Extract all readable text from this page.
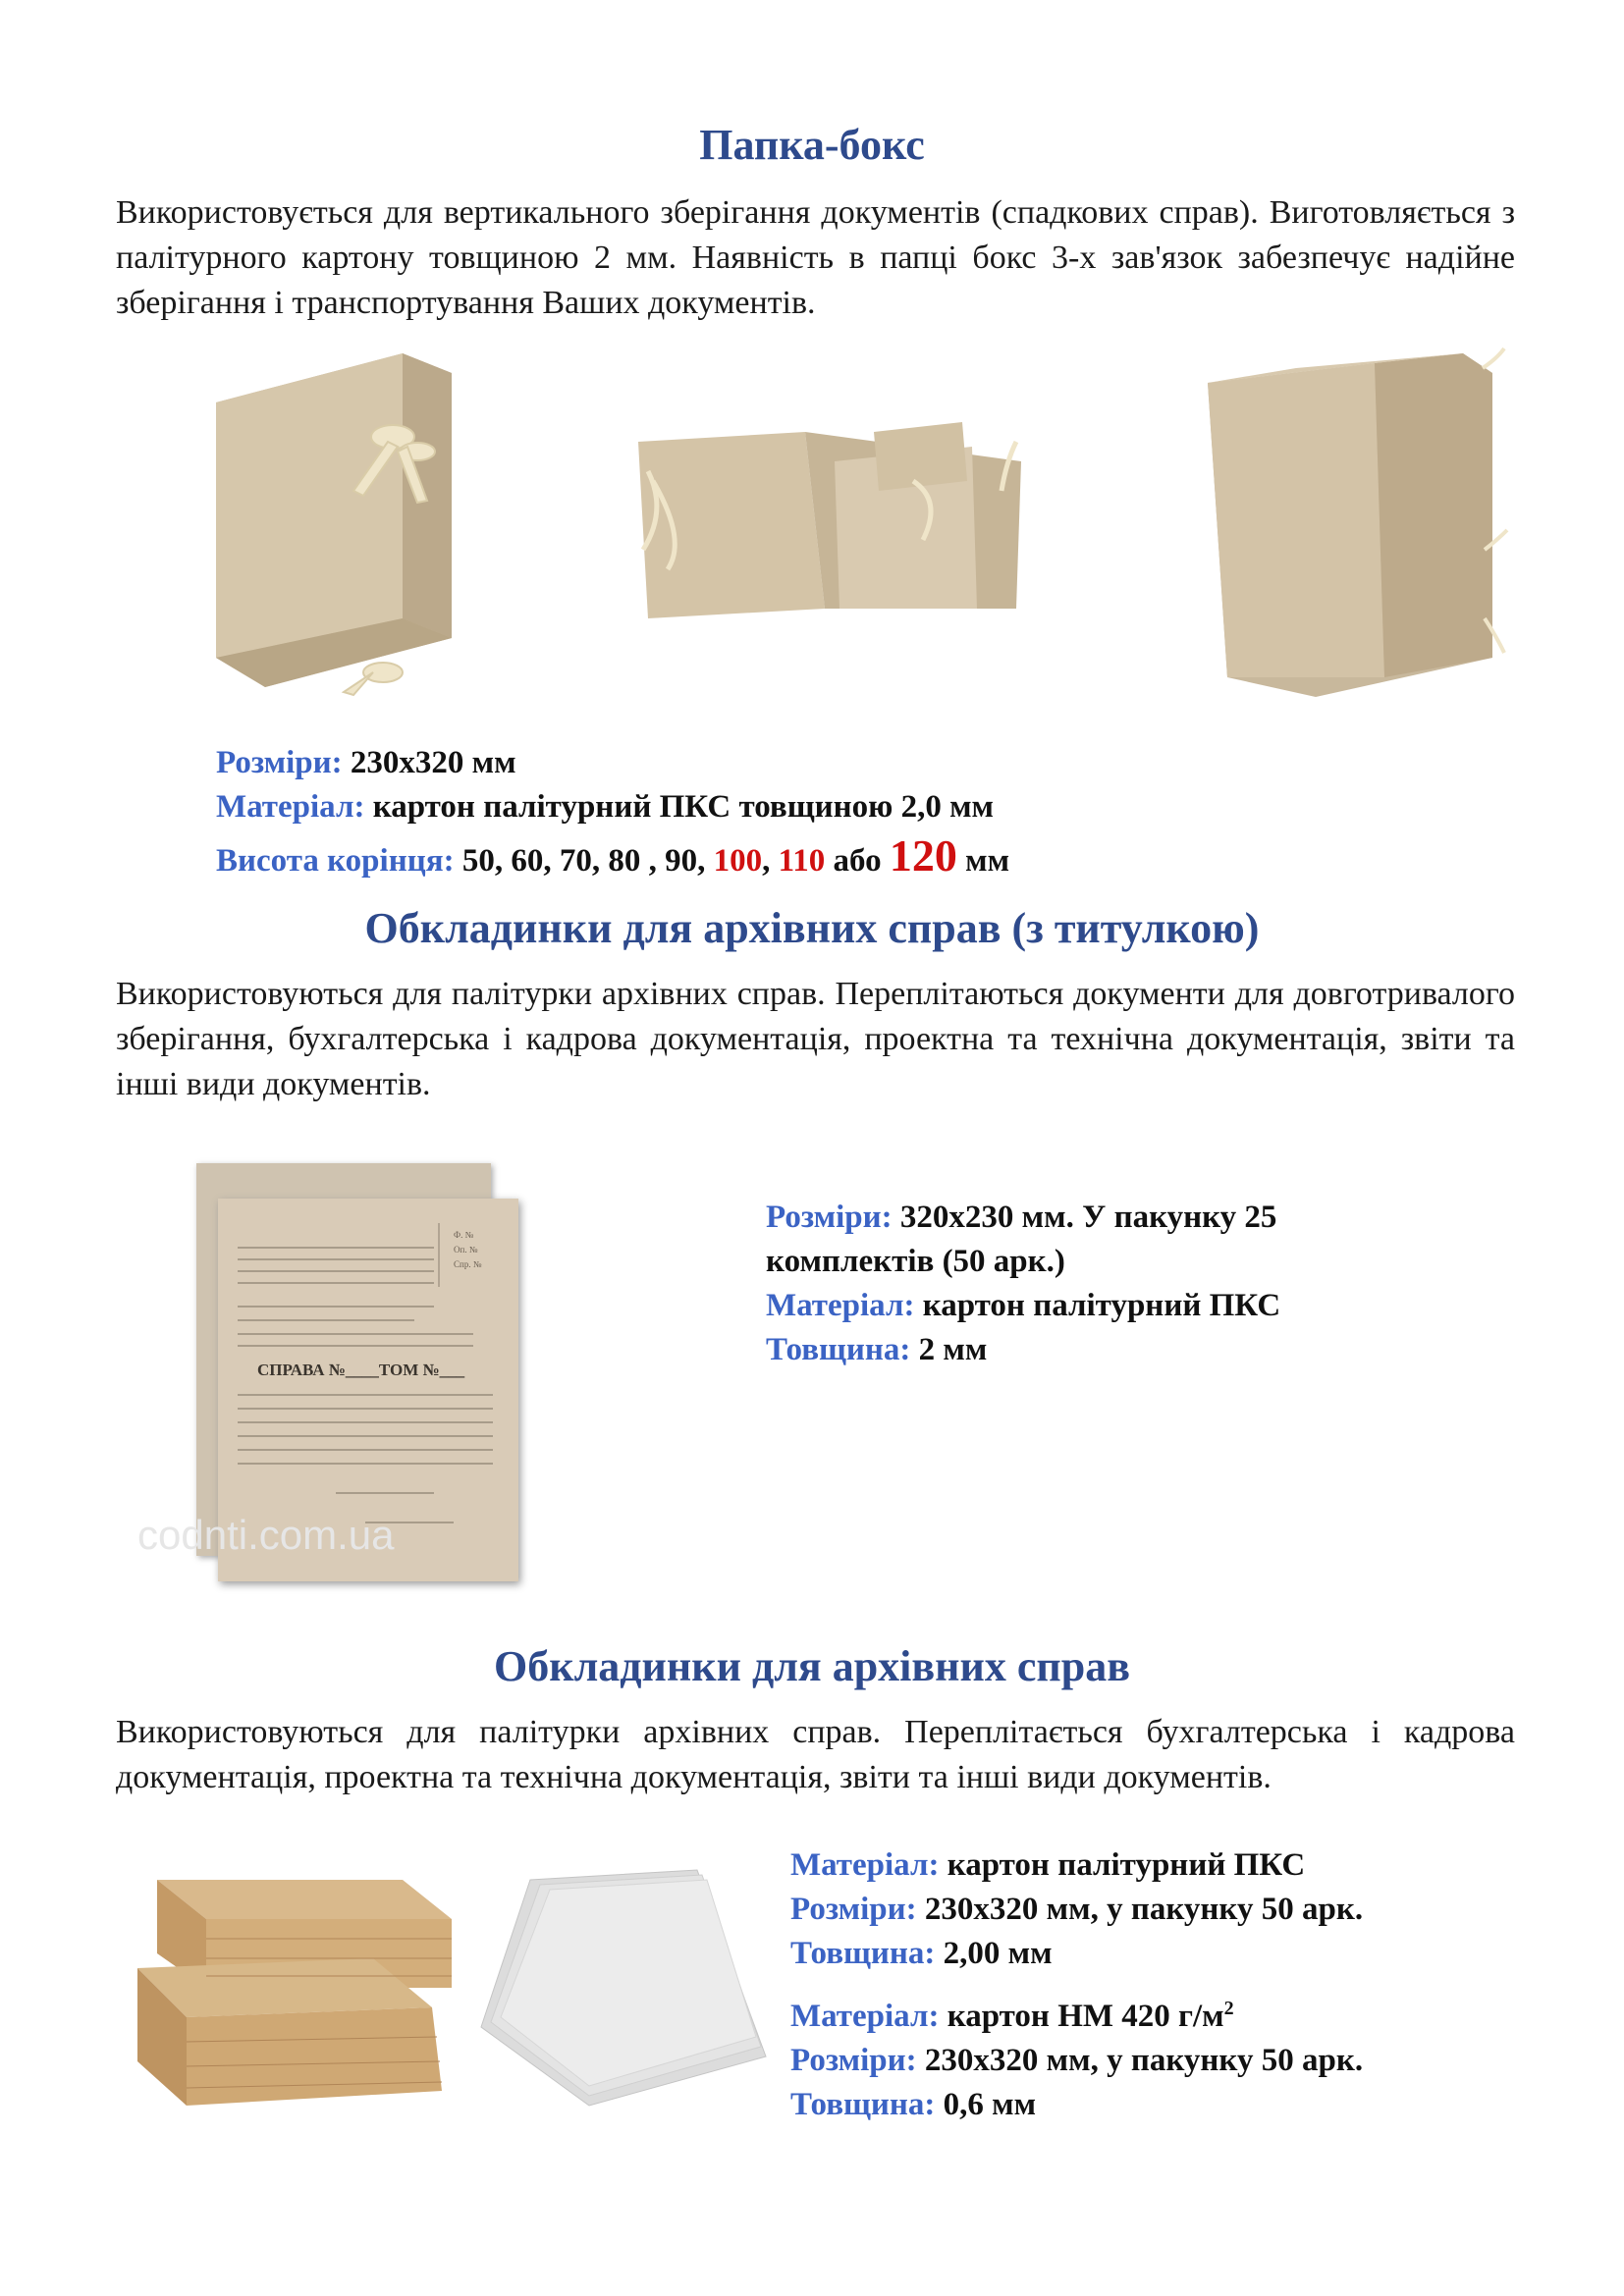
Папка-бокс
Використовується для вертикального зберігання документів (спадкових справ). Виготовляється з палітурного картону товщиною 2 мм. Наявність в папці бокс 3-х зав'язок забезпечує надійне зберігання і транспортування Ваших документів.
Розміри: 230х320 мм
Матеріал: картон палітурний ПКС товщиною 2,0 мм
Висота корінця: 50, 60, 70, 80 , 90, 100, 110 або 120 мм
Обкладинки для архівних справ (з титулкою)
Використовуються для палітурки архівних справ. Переплітаються документи для довготривалого зберігання, бухгалтерська і кадрова документація, проектна та технічна документація, звіти та інші види документів.
Ф. №
Оп. №
Спр. №
СПРАВА №____ТОМ №___
codnti.com.ua
Розміри: 320х230 мм. У пакунку 25
комплектів (50 арк.)
Матеріал: картон палітурний ПКС
Товщина: 2 мм
Обкладинки для архівних справ
Використовуються для палітурки архівних справ. Переплітається бухгалтерська і кадрова документація, проектна та технічна документація, звіти та інші види документів.
Матеріал: картон палітурний ПКС
Розміри: 230х320 мм, у пакунку 50 арк.
Товщина: 2,00 мм
Матеріал: картон НМ 420 $г/м^2$
Розміри: 230х320 мм, у пакунку 50 арк.
Товщина: 0,6 мм
